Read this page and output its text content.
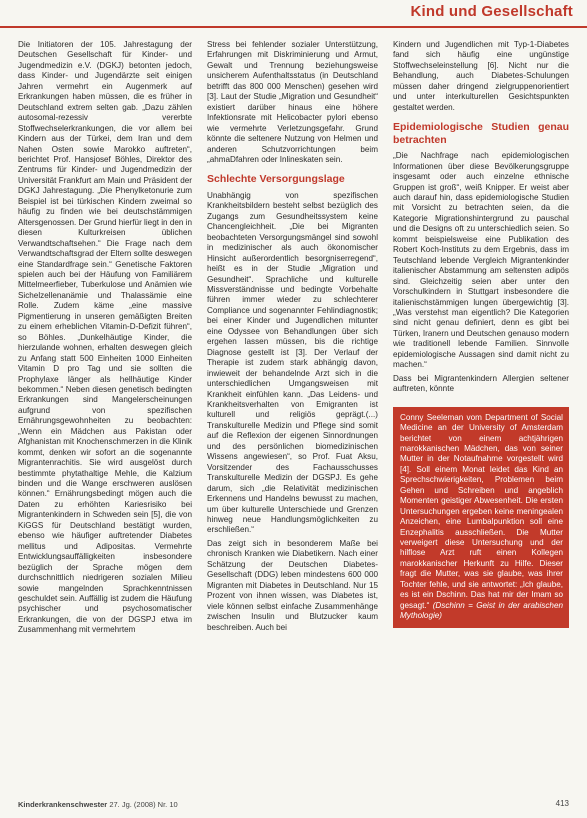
Kind und Gesellschaft

Die Initiatoren der 105. Jahrestagung der Deutschen Gesellschaft für Kinder- und Jugendmedizin e.V. (DGKJ) betonten jedoch, dass Kinder- und Jugendärzte seit einigen Jahren vermehrt ein Augenmerk auf Erkrankungen haben müssen, die es früher in Deutschland extrem selten gab. „Dazu zählen autosomal-rezessiv vererbte Stoffwechselerkrankungen, die vor allem bei Kindern aus der Türkei, dem Iran und dem Nahen Osten sowie Marokko auftreten“, berichtet Prof. Hansjosef Böhles, Direktor des Zentrums für Kinder- und Jugendmedizin der Universität Frankfurt am Main und Präsident der DGKJ Jahrestagung. „Die Phenylketonurie zum Beispiel ist bei türkischen Kindern zweimal so häufig zu finden wie bei deutschstämmigen Altersgenossen. Der Grund hierfür liegt in den in diesen Kulturkreisen üblichen Verwandtschaftsehen.“ Die Frage nach dem Verwandtschaftsgrad der Eltern sollte deswegen eine Standardfrage sein.“ Genetische Faktoren spielen auch bei der Häufung von Familiärem Mittelmeerfieber, Tuberkulose und Anämien wie Sichelzellenanämie und Thalassämie eine Rolle. Zudem käme „eine massive Pigmentierung in unseren gemäßigten Breiten zu einem erheblichen Vitamin-D-Defizit führen“, so Böhles. „Dunkelhäutige Kinder, die hierzulande wohnen, erhalten deswegen gleich zu Anfang statt 500 Einheiten 1000 Einheiten Vitamin D pro Tag und sie sollten die Prophylaxe länger als hellhäutige Kinder bekommen.“ Neben diesen genetisch bedingten Erkrankungen sind Mangelerscheinungen aufgrund von spezifischen Ernährungsgewohnheiten zu beobachten: „Wenn ein Mädchen aus Pakistan oder Afghanistan mit Knochenschmerzen in die Klinik kommt, denken wir sofort an die sogenannte Migrantenrachitis. Sie wird ausgelöst durch bestimmte phytathaltige Mehle, die Kalzium binden und die Wange erschweren auslösen können.“ Ernährungsbedingt mögen auch die Daten zu erhöhten Kariesrisiko bei Migrantenkindern in Schweden sein [5], die von KiGGS für Deutschland bestätigt wurden, ebenso wie häufiger auftretender Diabetes mellitus und Adipositas. Vermehrte Entwicklungsauffälligkeiten insbesondere bezüglich der Sprache mögen dem durchschnittlich niedrigeren sozialen Milieu sowie mangelnden Sprachkenntnissen geschuldet sein. Auffällig ist zudem die Häufung psychischer und psychosomatischer Erkrankungen, die von der DGSPJ etwa im Zusammenhang mit vermehrtem

Stress bei fehlender sozialer Unterstützung, Erfahrungen mit Diskriminierung und Armut, Gewalt und Trennung beziehungsweise unsicherem Aufenthaltsstatus (in Deutschland betrifft das 800 000 Menschen) gesehen wird [3]. Laut der Studie „Migration und Gesundheit“ existiert darüber hinaus eine höhere Infektionsrate mit Helicobacter pylori ebenso wie vermehrte Verletzungsgefahr. Grund könnte die seltenere Nutzung von Helmen und anderen Schutzvorrichtungen beim „ahmaDfahren oder Inlineskaten sein.

Schlechte Versorgungslage

Unabhängig von spezifischen Krankheitsbildern besteht selbst bezüglich des Zugangs zum Gesundheitssystem keine Chancengleichheit. „Die bei Migranten beobachteten Versorgungsmängel sind sowohl in medizinischer als auch ökonomischer Hinsicht außerordentlich besorgniserregend“, heißt es in der Studie „Migration und Gesundheit“. Sprachliche und kulturelle Missverständnisse und bedingte Vorbehalte führen immer wieder zu schlechterer Compliance und sogenannter Fehlindiagnostik; bei einer Kinder und Jugendlichen mitunter eine Odyssee von Behandlungen über sich ergehen lassen müssen, bis die richtige Diagnose gestellt ist [3]. Der Verlauf der Therapie ist zudem stark abhängig davon, inwieweit der behandelnde Arzt sich in die unterschiedlichen Umgangsweisen mit Krankheit einfühlen kann. „Das Leidens- und Krankheitsverhalten von Emigranten ist kulturell und religiös geprägt.(...) Transkulturelle Medizin und Pflege sind somit auf die Reflexion der eigenen Sinnordnungen und des persönlichen biomedizinischen Wissens angewiesen“, so Prof. Fuat Aksu, Vorsitzender des Fachausschusses Transkulturelle Medizin der DGSPJ. Es gehe darum, sich „die Relativität medizinischen Erkennens und Handelns bewusst zu machen, um über kulturelle Unterschiede und Grenzen hinweg neue Handlungsmöglichkeiten zu erschließen.“

Das zeigt sich in besonderem Maße bei chronisch Kranken wie Diabetikern. Nach einer Schätzung der Deutschen Diabetes-Gesellschaft (DDG) leben mindestens 600 000 Migranten mit Diabetes in Deutschland. Nur 15 Prozent von ihnen wissen, was Diabetes ist, viele können selbst einfache Zusammenhänge zwischen Insulin und Blutzucker kaum beschreiben. Auch bei

Kindern und Jugendlichen mit Typ-1-Diabetes fand sich häufig eine ungünstige Stoffwechseleinstellung [6]. Nicht nur die Behandlung, auch Diabetes-Schulungen müssen daher dringend zielgruppenorientiert und unter interkulturellen Gesichtspunkten gestaltet werden.

Epidemiologische Studien genau betrachten

„Die Nachfrage nach epidemiologischen Informationen über diese Bevölkerungsgruppe insgesamt oder auch einzelne ethnische Gruppen ist groß“, weiß Knipper. Er weist aber auch darauf hin, dass epidemiologische Studien mit Vorsicht zu betrachten seien, da die Kategorie Migrationshintergrund zu pauschal und die Designs oft zu unterschiedlich seien. So kommt beispielsweise eine Publikation des Robert Koch-Instituts zu dem Ergebnis, dass im Teutschland lebende Vergleich Migrantenkinder italienischer Abstammung am seltensten adipös sind. Gleichzeitig seien aber unter den Vorschulkindern in Stuttgart insbesondere die italienischstämmigen lungen übergewichtig [3]. „Was verstehst man eigentlich? Die Kategorien sind nicht genau definiert, denn es gibt bei Türken, Iranern und Deutschen genauso modern wie traditionell lebende Familien. Sinnvolle epidemiologische Aussagen sind damit nicht zu machen.“

Dass bei Migrantenkindern Allergien seltener auftreten, könnte

Conny Seeleman vom Department of Social Medicine an der University of Amsterdam berichtet von einem achtjährigen marokkanischen Mädchen, das von seiner Mutter in der Notaufnahme vorgestellt wird [4]. Soll einem Monat leidet das Kind an Sprechschwierigkeiten, Problemen beim Gehen und Schreiben und angeblich Momenten geistiger Abwesenheit. Die ersten Untersuchungen ergeben keine meningealen Anzeichen, eine Lumbalpunktion soll eine Enzephalitis ausschließen. Die Mutter verweigert diese Untersuchung und der hilflose Arzt ruft einen Kollegen marokkanischer Herkunft zu Hilfe. Dieser fragt die Mutter, was sie glaube, was ihrer Tochter fehle, und sie antwortet: „Ich glaube, es ist ein Dschinn. Das hat mir der Imam so gesagt.“ (Dschinn = Geist in der arabischen Mythologie)
Kinderkrankenschwester 27. Jg. (2008) Nr. 10	413
